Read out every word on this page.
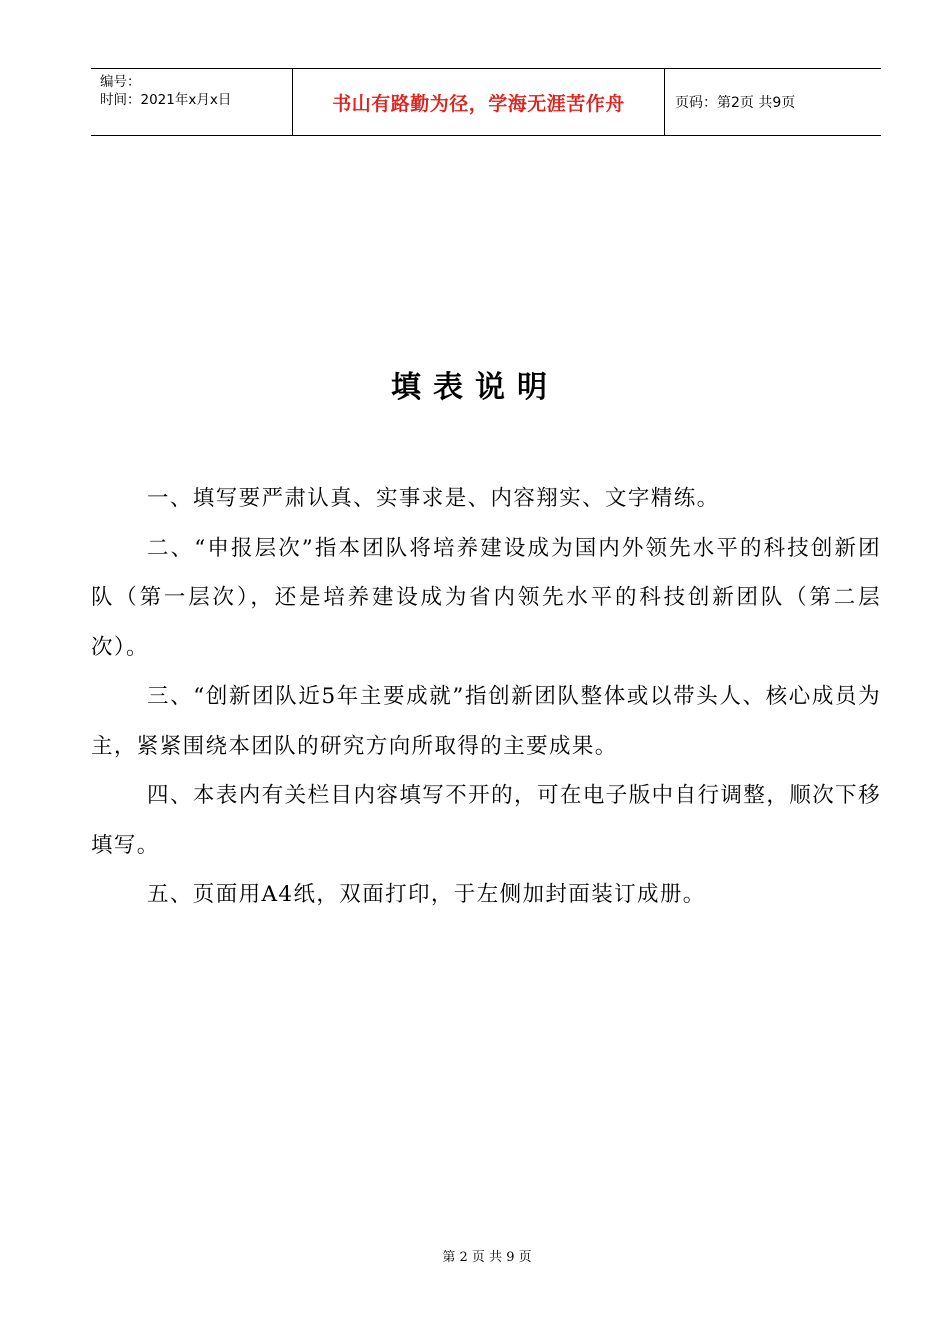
编号：
时间：2021年x月x日	书山有路勤为径，学海无涯苦作舟	页码：第2页 共9页
填表说明

一、填写要严肃认真、实事求是、内容翔实、文字精练。

二、“申报层次”指本团队将培养建设成为国内外领先水平的科技创新团队（第一层次），还是培养建设成为省内领先水平的科技创新团队（第二层次）。

三、“创新团队近5年主要成就”指创新团队整体或以带头人、核心成员为主，紧紧围绕本团队的研究方向所取得的主要成果。

四、本表内有关栏目内容填写不开的，可在电子版中自行调整，顺次下移填写。

五、页面用A4纸，双面打印，于左侧加封面装订成册。

第 2 页 共 9 页
